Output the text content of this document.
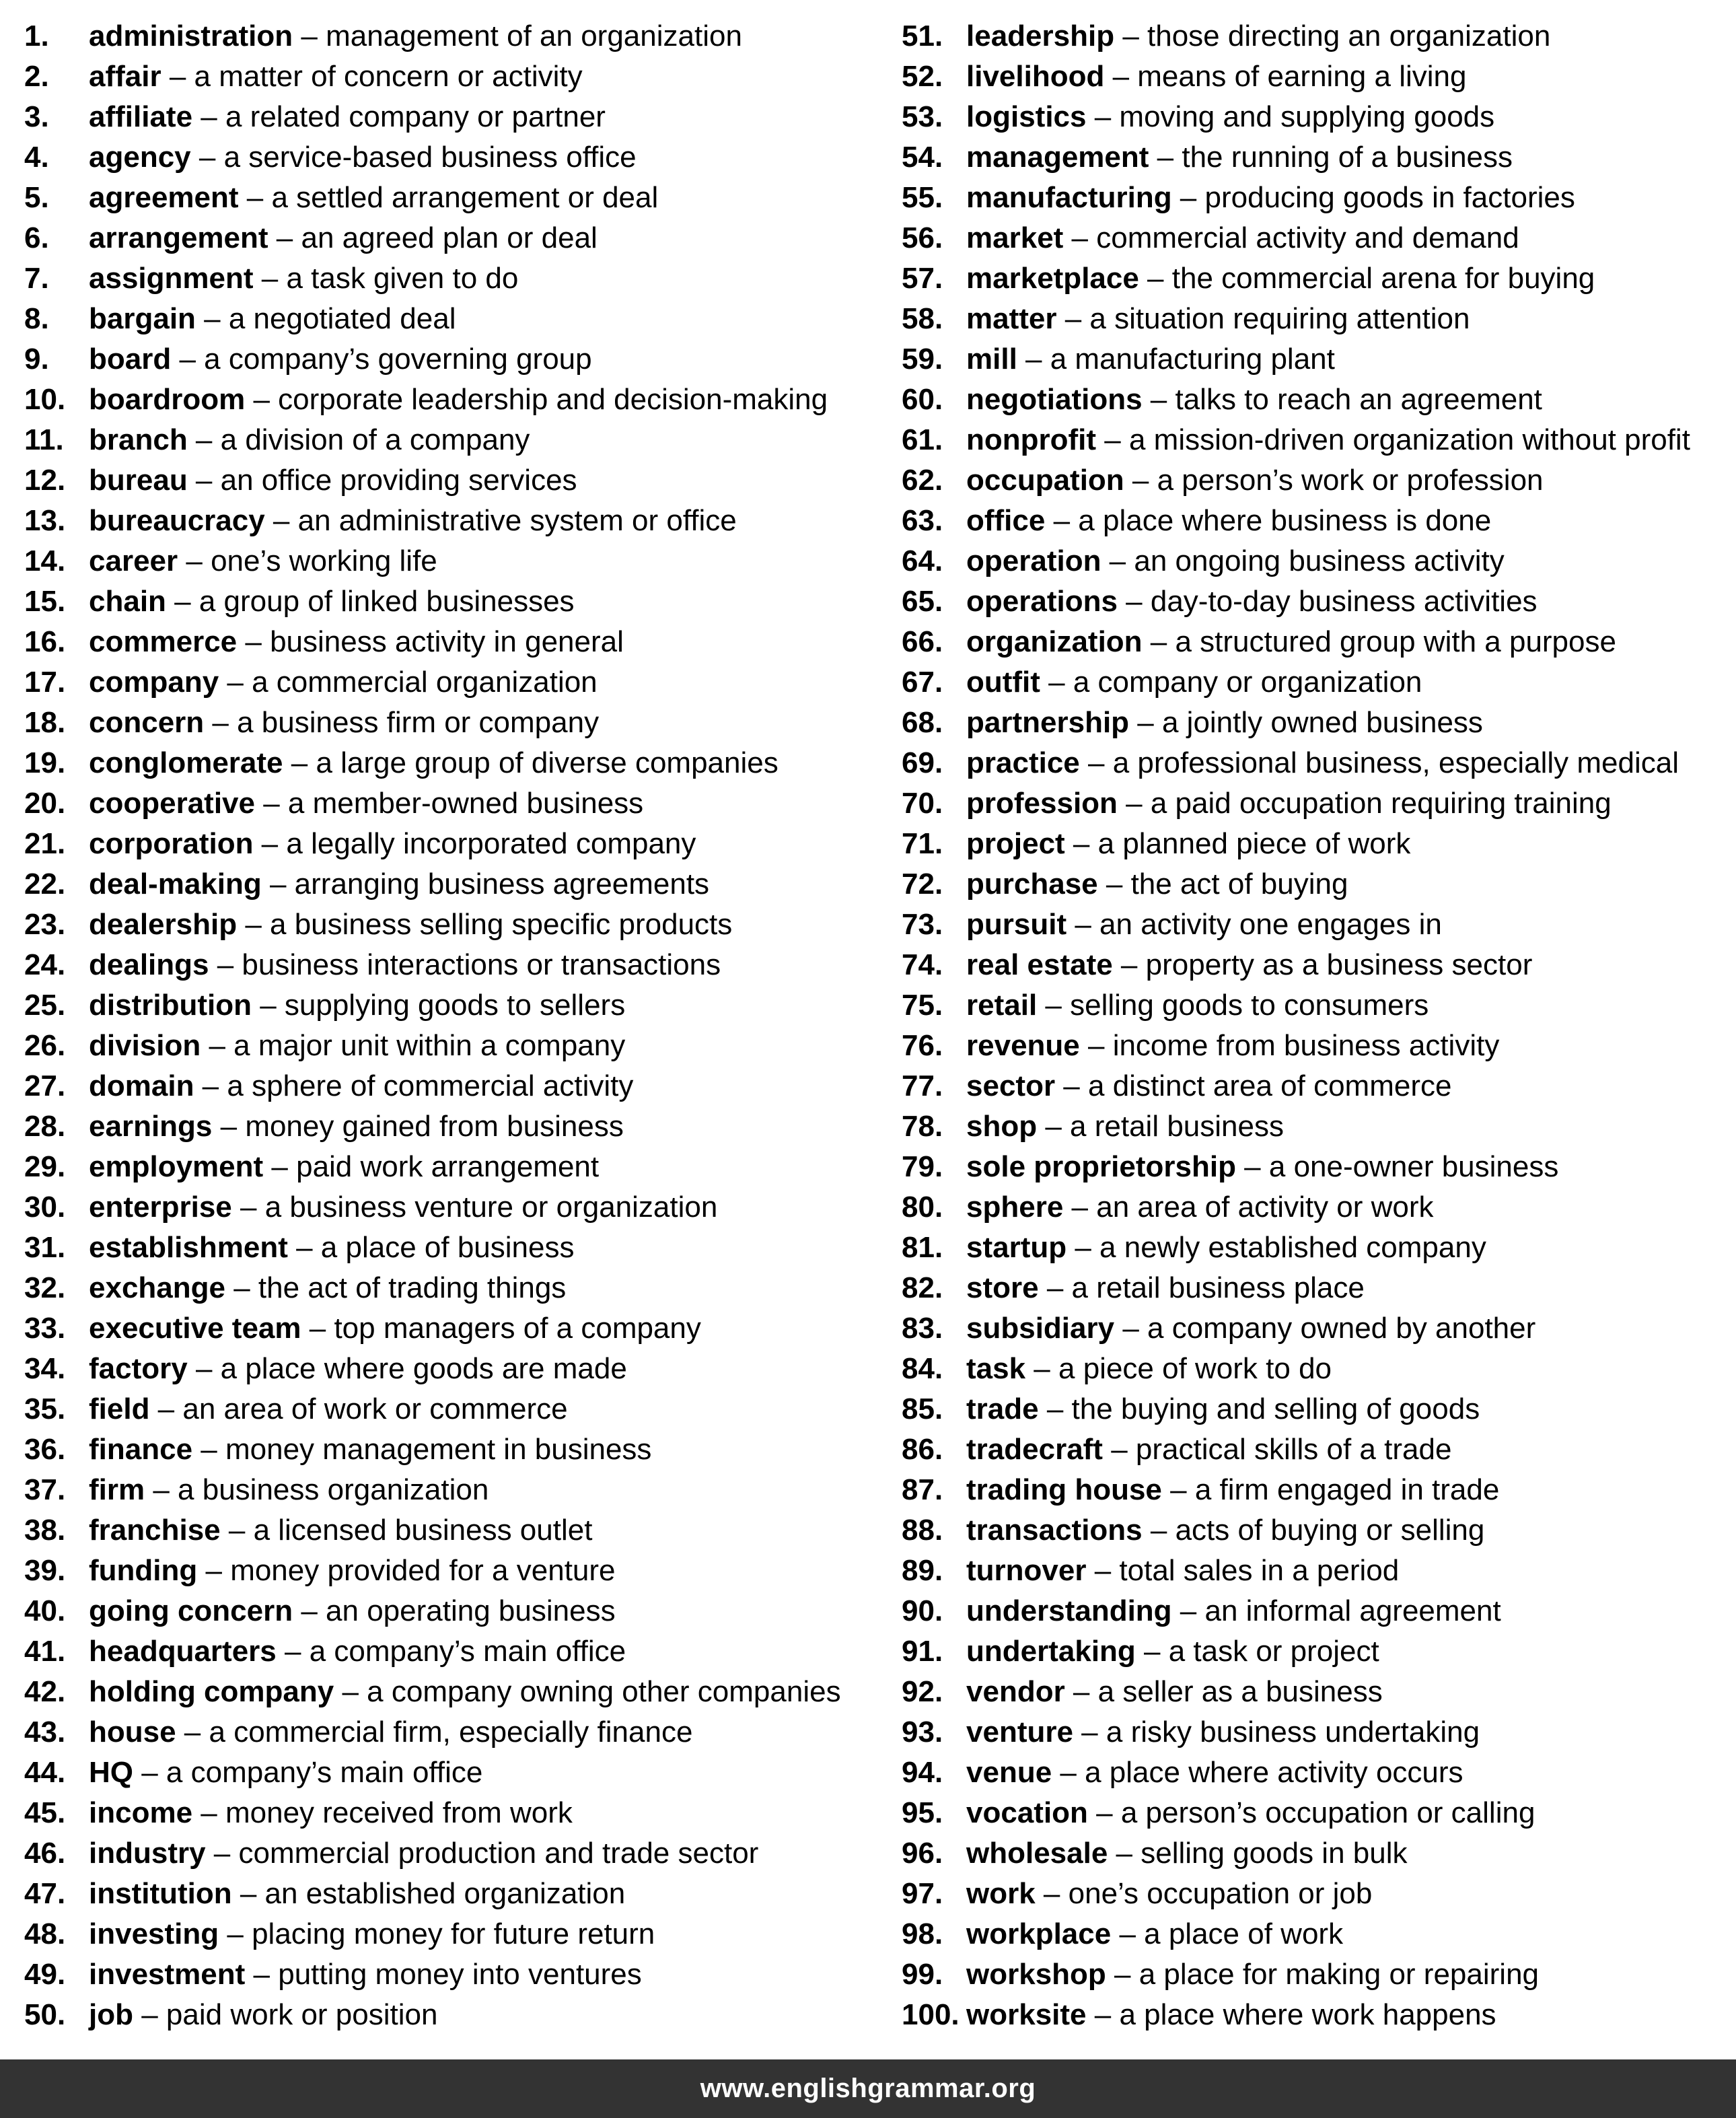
1. administration – management of an organization
2. affair – a matter of concern or activity
3. affiliate – a related company or partner
4. agency – a service-based business office
5. agreement – a settled arrangement or deal
6. arrangement – an agreed plan or deal
7. assignment – a task given to do
8. bargain – a negotiated deal
9. board – a company’s governing group
10. boardroom – corporate leadership and decision-making
11. branch – a division of a company
12. bureau – an office providing services
13. bureaucracy – an administrative system or office
14. career – one’s working life
15. chain – a group of linked businesses
16. commerce – business activity in general
17. company – a commercial organization
18. concern – a business firm or company
19. conglomerate – a large group of diverse companies
20. cooperative – a member-owned business
21. corporation – a legally incorporated company
22. deal-making – arranging business agreements
23. dealership – a business selling specific products
24. dealings – business interactions or transactions
25. distribution – supplying goods to sellers
26. division – a major unit within a company
27. domain – a sphere of commercial activity
28. earnings – money gained from business
29. employment – paid work arrangement
30. enterprise – a business venture or organization
31. establishment – a place of business
32. exchange – the act of trading things
33. executive team – top managers of a company
34. factory – a place where goods are made
35. field – an area of work or commerce
36. finance – money management in business
37. firm – a business organization
38. franchise – a licensed business outlet
39. funding – money provided for a venture
40. going concern – an operating business
41. headquarters – a company’s main office
42. holding company – a company owning other companies
43. house – a commercial firm, especially finance
44. HQ – a company’s main office
45. income – money received from work
46. industry – commercial production and trade sector
47. institution – an established organization
48. investing – placing money for future return
49. investment – putting money into ventures
50. job – paid work or position
51. leadership – those directing an organization
52. livelihood – means of earning a living
53. logistics – moving and supplying goods
54. management – the running of a business
55. manufacturing – producing goods in factories
56. market – commercial activity and demand
57. marketplace – the commercial arena for buying
58. matter – a situation requiring attention
59. mill – a manufacturing plant
60. negotiations – talks to reach an agreement
61. nonprofit – a mission-driven organization without profit
62. occupation – a person’s work or profession
63. office – a place where business is done
64. operation – an ongoing business activity
65. operations – day-to-day business activities
66. organization – a structured group with a purpose
67. outfit – a company or organization
68. partnership – a jointly owned business
69. practice – a professional business, especially medical
70. profession – a paid occupation requiring training
71. project – a planned piece of work
72. purchase – the act of buying
73. pursuit – an activity one engages in
74. real estate – property as a business sector
75. retail – selling goods to consumers
76. revenue – income from business activity
77. sector – a distinct area of commerce
78. shop – a retail business
79. sole proprietorship – a one-owner business
80. sphere – an area of activity or work
81. startup – a newly established company
82. store – a retail business place
83. subsidiary – a company owned by another
84. task – a piece of work to do
85. trade – the buying and selling of goods
86. tradecraft – practical skills of a trade
87. trading house – a firm engaged in trade
88. transactions – acts of buying or selling
89. turnover – total sales in a period
90. understanding – an informal agreement
91. undertaking – a task or project
92. vendor – a seller as a business
93. venture – a risky business undertaking
94. venue – a place where activity occurs
95. vocation – a person’s occupation or calling
96. wholesale – selling goods in bulk
97. work – one’s occupation or job
98. workplace – a place of work
99. workshop – a place for making or repairing
100. worksite – a place where work happens
www.englishgrammar.org
